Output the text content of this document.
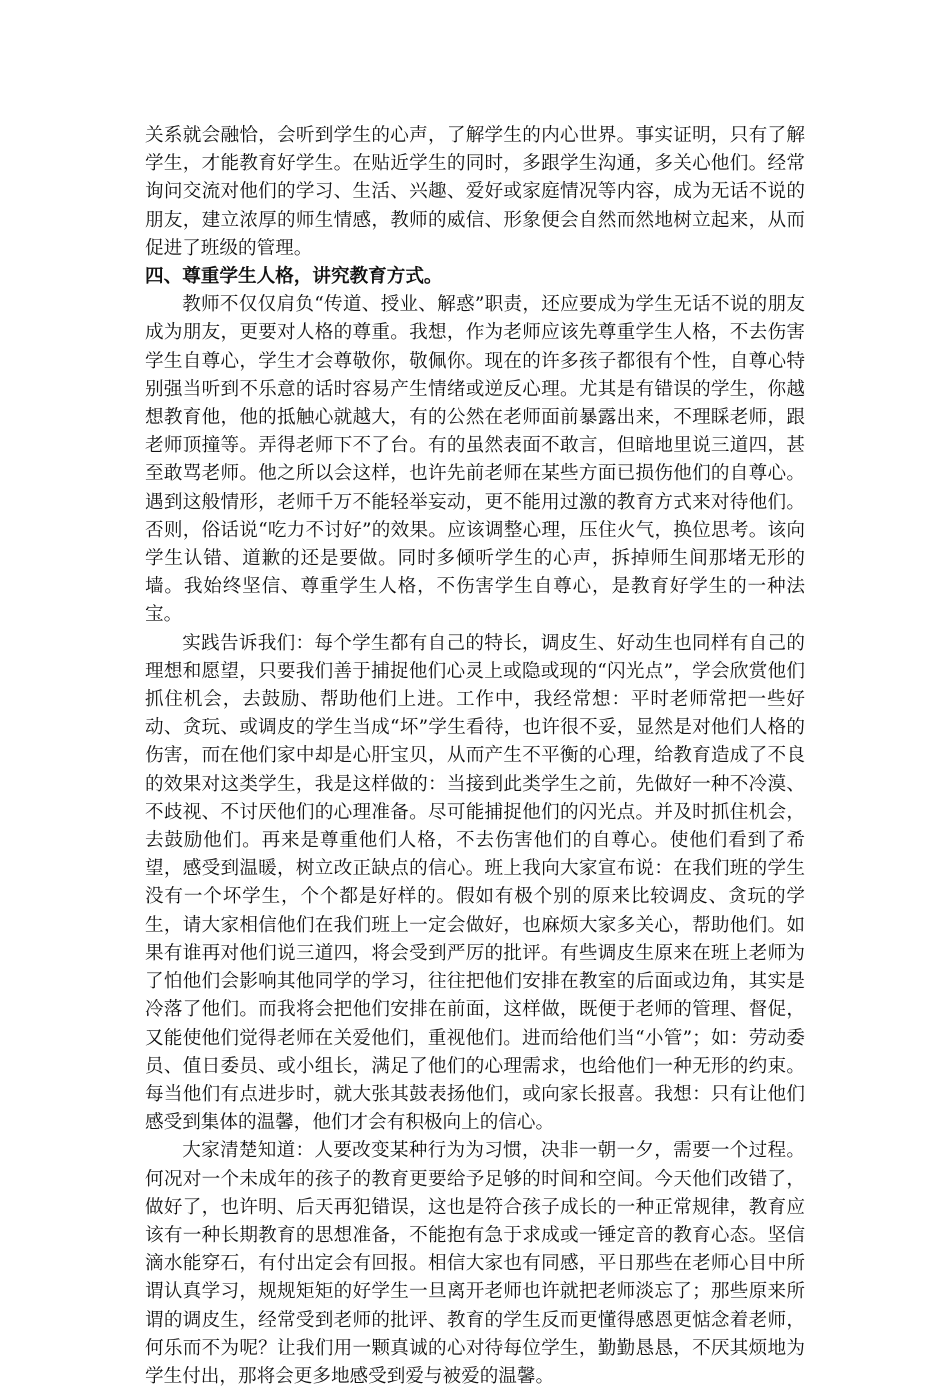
关系就会融恰，会听到学生的心声，了解学生的内心世界。事实证明，只有了解学生，才能教育好学生。在贴近学生的同时，多跟学生沟通，多关心他们。经常询问交流对他们的学习、生活、兴趣、爱好或家庭情况等内容，成为无话不说的朋友，建立浓厚的师生情感，教师的威信、形象便会自然而然地树立起来，从而促进了班级的管理。

四、尊重学生人格，讲究教育方式。

教师不仅仅肩负“传道、授业、解惑”职责，还应要成为学生无话不说的朋友成为朋友，更要对人格的尊重。我想，作为老师应该先尊重学生人格，不去伤害学生自尊心，学生才会尊敬你，敬佩你。现在的许多孩子都很有个性，自尊心特别强当听到不乐意的话时容易产生情绪或逆反心理。尤其是有错误的学生，你越想教育他，他的抵触心就越大，有的公然在老师面前暴露出来，不理睬老师，跟老师顶撞等。弄得老师下不了台。有的虽然表面不敢言，但暗地里说三道四，甚至敢骂老师。他之所以会这样，也许先前老师在某些方面已损伤他们的自尊心。遇到这般情形，老师千万不能轻举妄动，更不能用过激的教育方式来对待他们。否则，俗话说“吃力不讨好”的效果。应该调整心理，压住火气，换位思考。该向学生认错、道歉的还是要做。同时多倾听学生的心声，拆掉师生间那堵无形的墙。我始终坚信、尊重学生人格，不伤害学生自尊心，是教育好学生的一种法宝。

实践告诉我们：每个学生都有自己的特长，调皮生、好动生也同样有自己的理想和愿望，只要我们善于捕捉他们心灵上或隐或现的“闪光点”，学会欣赏他们抓住机会，去鼓励、帮助他们上进。工作中，我经常想：平时老师常把一些好动、贪玩、或调皮的学生当成“坏”学生看待，也许很不妥，显然是对他们人格的伤害，而在他们家中却是心肝宝贝，从而产生不平衡的心理，给教育造成了不良的效果对这类学生，我是这样做的：当接到此类学生之前，先做好一种不冷漠、不歧视、不讨厌他们的心理准备。尽可能捕捉他们的闪光点。并及时抓住机会，去鼓励他们。再来是尊重他们人格，不去伤害他们的自尊心。使他们看到了希望，感受到温暖，树立改正缺点的信心。班上我向大家宣布说：在我们班的学生没有一个坏学生，个个都是好样的。假如有极个别的原来比较调皮、贪玩的学生，请大家相信他们在我们班上一定会做好，也麻烦大家多关心，帮助他们。如果有谁再对他们说三道四，将会受到严厉的批评。有些调皮生原来在班上老师为了怕他们会影响其他同学的学习，往往把他们安排在教室的后面或边角，其实是冷落了他们。而我将会把他们安排在前面，这样做，既便于老师的管理、督促，又能使他们觉得老师在关爱他们，重视他们。进而给他们当“小管”；如：劳动委员、值日委员、或小组长，满足了他们的心理需求，也给他们一种无形的约束。每当他们有点进步时，就大张其鼓表扬他们，或向家长报喜。我想：只有让他们感受到集体的温馨，他们才会有积极向上的信心。

大家清楚知道：人要改变某种行为为习惯，决非一朝一夕，需要一个过程。何况对一个未成年的孩子的教育更要给予足够的时间和空间。今天他们改错了，做好了，也许明、后天再犯错误，这也是符合孩子成长的一种正常规律，教育应该有一种长期教育的思想准备，不能抱有急于求成或一锤定音的教育心态。坚信滴水能穿石，有付出定会有回报。相信大家也有同感，平日那些在老师心目中所谓认真学习，规规矩矩的好学生一旦离开老师也许就把老师淡忘了；那些原来所谓的调皮生，经常受到老师的批评、教育的学生反而更懂得感恩更惦念着老师，何乐而不为呢？让我们用一颗真诚的心对待每位学生，勤勤恳恳，不厌其烦地为学生付出，那将会更多地感受到爱与被爱的温馨。
